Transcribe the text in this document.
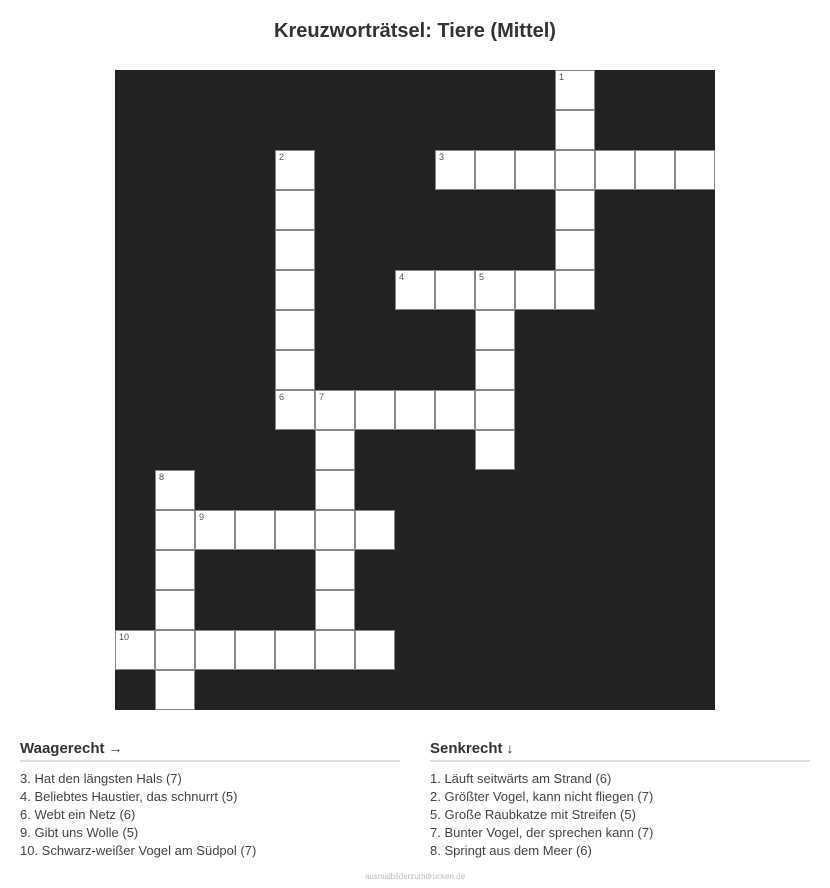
Kreuzworträtsel: Tiere (Mittel)
1
2
6
3
4	5
7
8
9
10
Waagerecht →
3. Hat den längsten Hals (7)
4. Beliebtes Haustier, das schnurrt (5)
6. Webt ein Netz (6)
9. Gibt uns Wolle (5)
10. Schwarz-weißer Vogel am Südpol (7)
Senkrecht ↓
1. Läuft seitwärts am Strand (6)
2. Größter Vogel, kann nicht fliegen (7)
5. Große Raubkatze mit Streifen (5)
7. Bunter Vogel, der sprechen kann (7)
8. Springt aus dem Meer (6)
ausmalbilderzumdrucken.de
